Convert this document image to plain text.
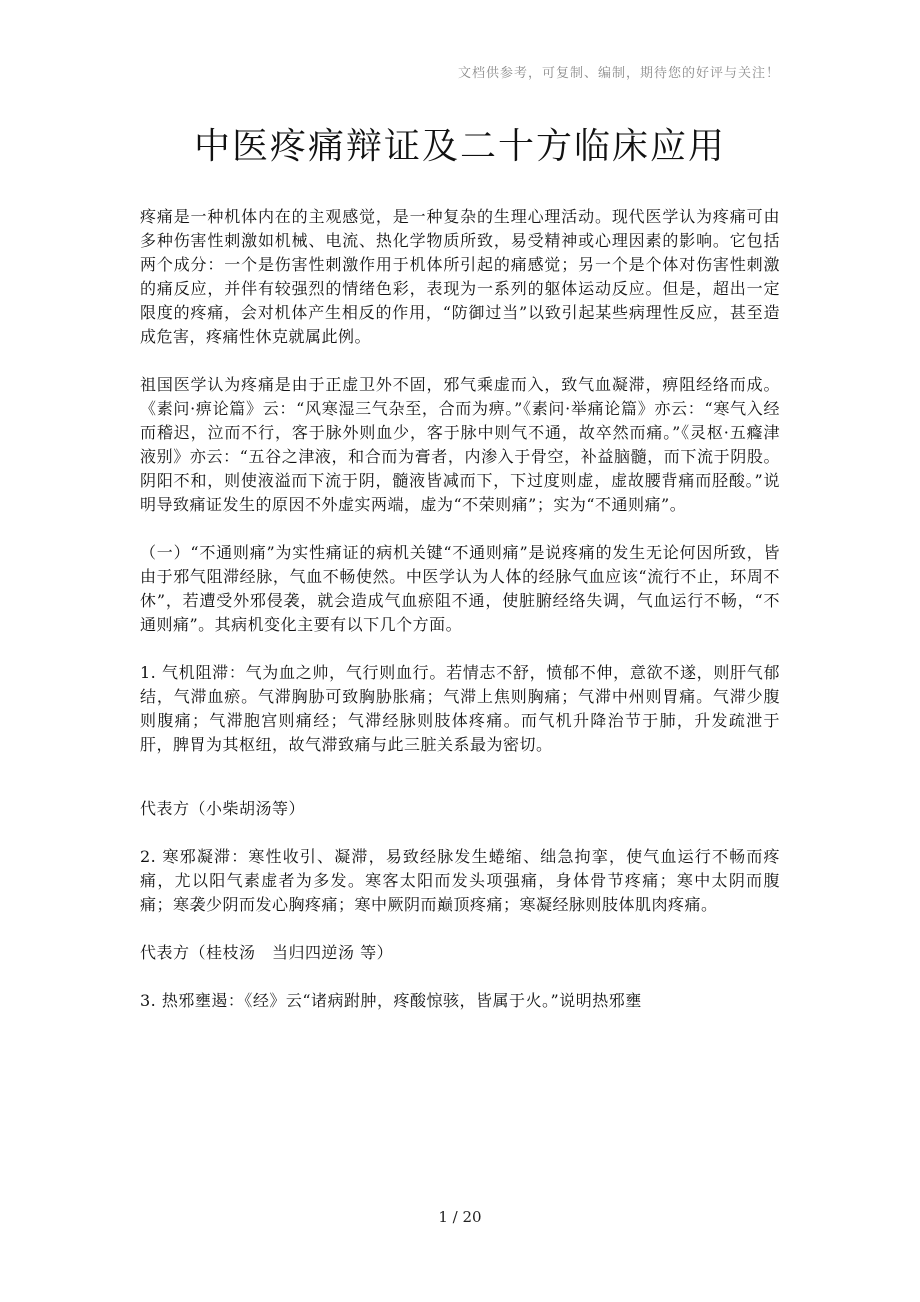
文档供参考，可复制、编制，期待您的好评与关注！
中医疼痛辩证及二十方临床应用

疼痛是一种机体内在的主观感觉，是一种复杂的生理心理活动。现代医学认为疼痛可由多种伤害性刺激如机械、电流、热化学物质所致，易受精神或心理因素的影响。它包括两个成分：一个是伤害性刺激作用于机体所引起的痛感觉；另一个是个体对伤害性刺激的痛反应，并伴有较强烈的情绪色彩，表现为一系列的躯体运动反应。但是，超出一定限度的疼痛，会对机体产生相反的作用，“防御过当”以致引起某些病理性反应，甚至造成危害，疼痛性休克就属此例。

祖国医学认为疼痛是由于正虚卫外不固，邪气乘虚而入，致气血凝滞，痹阻经络而成。《素问·痹论篇》云：“风寒湿三气杂至，合而为痹。”《素问·举痛论篇》亦云：“寒气入经而稽迟，泣而不行，客于脉外则血少，客于脉中则气不通，故卒然而痛。”《灵枢·五癃津液别》亦云：“五谷之津液，和合而为膏者，内渗入于骨空，补益脑髓，而下流于阴股。阴阳不和，则使液溢而下流于阴，髓液皆减而下，下过度则虚，虚故腰背痛而胫酸。”说明导致痛证发生的原因不外虚实两端，虚为“不荣则痛”；实为“不通则痛”。

（一）“不通则痛”为实性痛证的病机关键“不通则痛”是说疼痛的发生无论何因所致，皆由于邪气阻滞经脉，气血不畅使然。中医学认为人体的经脉气血应该“流行不止，环周不休”，若遭受外邪侵袭，就会造成气血瘀阻不通，使脏腑经络失调，气血运行不畅，“不通则痛”。其病机变化主要有以下几个方面。

1. 气机阻滞：气为血之帅，气行则血行。若情志不舒，愤郁不伸，意欲不遂，则肝气郁结，气滞血瘀。气滞胸胁可致胸胁胀痛；气滞上焦则胸痛；气滞中州则胃痛。气滞少腹则腹痛；气滞胞宫则痛经；气滞经脉则肢体疼痛。而气机升降治节于肺，升发疏泄于肝，脾胃为其枢纽，故气滞致痛与此三脏关系最为密切。

代表方（小柴胡汤等）

2. 寒邪凝滞：寒性收引、凝滞，易致经脉发生蜷缩、绌急拘挛，使气血运行不畅而疼痛，尤以阳气素虚者为多发。寒客太阳而发头项强痛，身体骨节疼痛；寒中太阴而腹痛；寒袭少阴而发心胸疼痛；寒中厥阴而巅顶疼痛；寒凝经脉则肢体肌肉疼痛。

代表方（桂枝汤　当归四逆汤 等）

3. 热邪壅遏：《经》云“诸病跗肿，疼酸惊骇，皆属于火。”说明热邪壅

1 / 20
